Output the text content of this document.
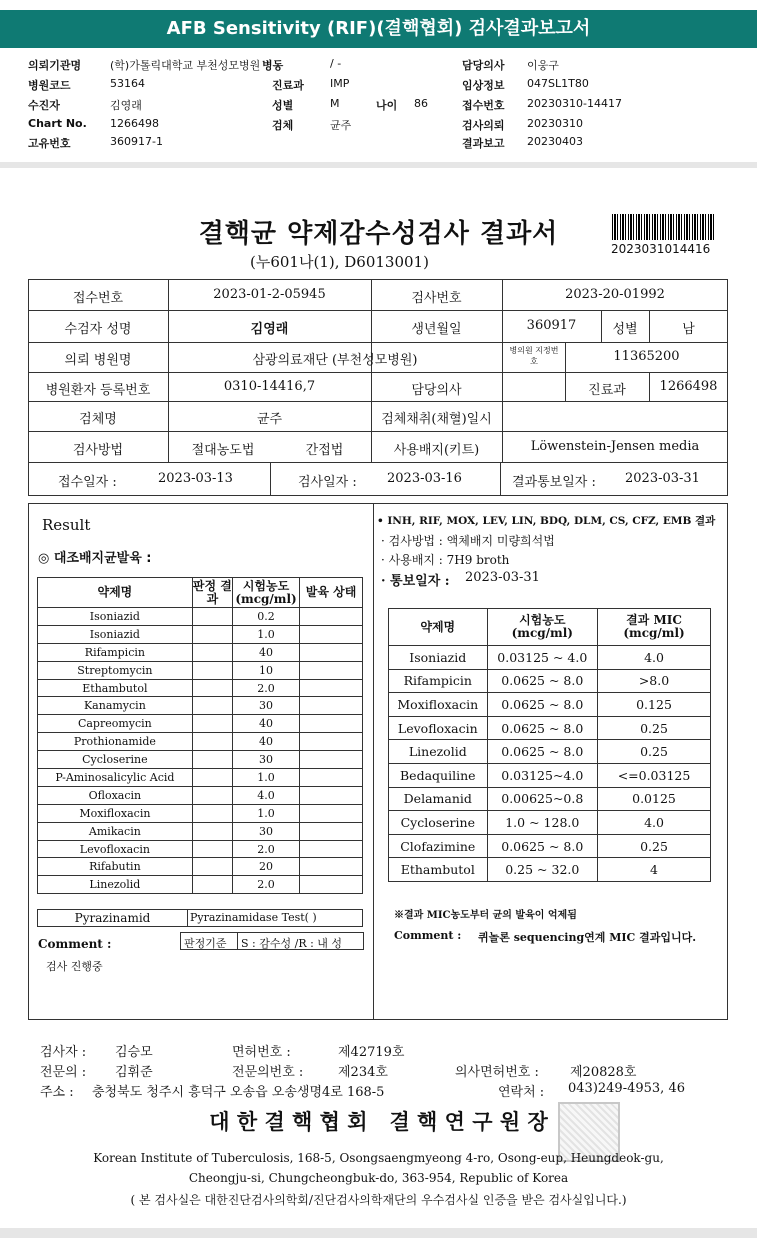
AFB Sensitivity (RIF)(결핵협회) 검사결과보고서
의뢰기관명	(학)가톨릭대학교 부천성모병원 병동	/ -	담당의사 이웅구
병원코드	53164	진료과 IMP	임상정보 047SL1T80
수진자	김영래	성별	M	나이 86	접수번호 20230310-14417
Chart No. 1266498	검체	균주	검사의뢰 20230310
고유번호	360917-1	결과보고 20230403
결핵균 약제감수성검사 결과서
(누601나(1), D6013001)
2023031014416
접수번호	2023-01-2-05945	검사번호	2023-20-01992
수검자 성명	김영래	생년월일	360917	성별	남
의뢰 병원명	삼광의료재단 (부천성모병원)
병의원 지정번호	11365200
병원환자 등록번호	0310-14416,7	담당의사	진료과	1266498
검체명	균주	검체채취(채혈)일시
검사방법	절대농도법	간접법	사용배지(키트)	Löwenstein-Jensen media
접수일자 :	2023-03-13	검사일자 : 2023-03-16	결과통보일자 : 2023-03-31
Result
◎ 대조배지균발육 :
약제명	판정 결과	시험농도 (mcg/ml)	발육 상태
Isoniazid		0.2	
Isoniazid		1.0	
Rifampicin		40	
Streptomycin		10	
Ethambutol		2.0	
Kanamycin		30	
Capreomycin		40	
Prothionamide		40	
Cycloserine		30	
P-Aminosalicylic Acid		1.0	
Ofloxacin		4.0	
Moxifloxacin		1.0	
Amikacin		30	
Levofloxacin		2.0	
Rifabutin		20	
Linezolid		2.0	
Pyrazinamid	Pyrazinamidase Test( )
Comment :	판정기준 S : 감수성 /R : 내 성
검사 진행중
• INH, RIF, MOX, LEV, LIN, BDQ, DLM, CS, CFZ, EMB 결과
· 검사방법 : 액체배지 미량희석법
· 사용배지 : 7H9 broth
· 통보일자 : 2023-03-31
약제명	시험농도 (mcg/ml)	결과 MIC (mcg/ml)
Isoniazid	0.03125 ~ 4.0	4.0
Rifampicin	0.0625 ~ 8.0	>8.0
Moxifloxacin	0.0625 ~ 8.0	0.125
Levofloxacin	0.0625 ~ 8.0	0.25
Linezolid	0.0625 ~ 8.0	0.25
Bedaquiline	0.03125~4.0	<=0.03125
Delamanid	0.00625~0.8	0.0125
Cycloserine	1.0 ~ 128.0	4.0
Clofazimine	0.0625 ~ 8.0	0.25
Ethambutol	0.25 ~ 32.0	4
※결과 MIC농도부터 균의 발육이 억제됨
Comment : 퀴놀론 sequencing연계 MIC 결과입니다.
검사자 : 김승모	면허번호 :	제42719호
전문의 : 김휘준	전문의번호 :	제234호	의사면허번호 : 제20828호
주소 : 충청북도 청주시 흥덕구 오송읍 오송생명4로 168-5	연락처 : 043)249-4953, 46
대 한 결 핵 협 회   결 핵 연 구 원 장
Korean Institute of Tuberculosis, 168-5, Osongsaengmyeong 4-ro, Osong-eup, Heungdeok-gu,
Cheongju-si, Chungcheongbuk-do, 363-954, Republic of Korea
( 본 검사실은 대한진단검사의학회/진단검사의학재단의 우수검사실 인증을 받은 검사실입니다.)
